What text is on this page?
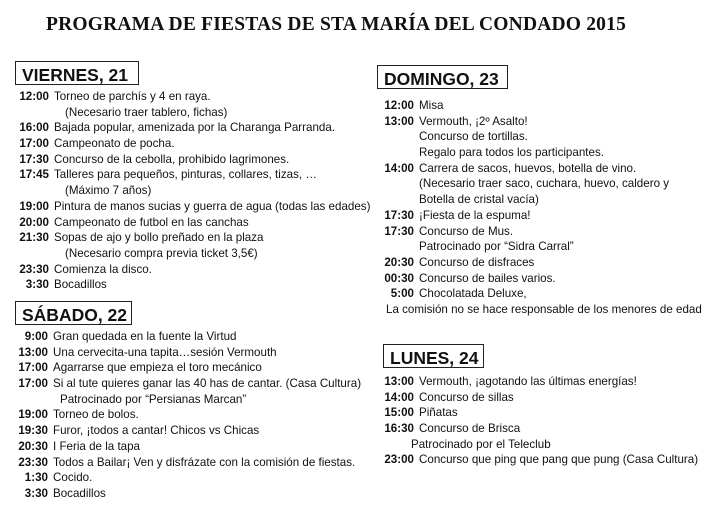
PROGRAMA DE FIESTAS DE STA MARÍA DEL CONDADO 2015
VIERNES, 21
12:00 Torneo de parchís y 4 en raya.
(Necesario traer tablero, fichas)
16:00 Bajada popular, amenizada por la Charanga Parranda.
17:00 Campeonato de pocha.
17:30 Concurso de la cebolla, prohibido lagrimones.
17:45 Talleres para pequeños, pinturas, collares, tizas, …
(Máximo 7 años)
19:00 Pintura de manos sucias y guerra de agua (todas las edades)
20:00 Campeonato de futbol en las canchas
21:30 Sopas de ajo y bollo preñado en la plaza
(Necesario compra previa ticket 3,5€)
23:30 Comienza la disco.
3:30 Bocadillos
SÁBADO, 22
9:00 Gran quedada en la fuente la Virtud
13:00 Una cervecita-una tapita…sesión Vermouth
17:00 Agarrarse que empieza el toro mecánico
17:00 Si al tute quieres ganar las 40 has de cantar. (Casa Cultura)
Patrocinado por “Persianas Marcan”
19:00 Torneo de bolos.
19:30 Furor, ¡todos a cantar! Chicos vs Chicas
20:30 I Feria de la tapa
23:30 Todos a Bailar¡ Ven y disfrázate con la comisión de fiestas.
1:30 Cocido.
3:30 Bocadillos
DOMINGO, 23
12:00 Misa
13:00 Vermouth, ¡2º Asalto!
Concurso de tortillas.
Regalo para todos los participantes.
14:00 Carrera de sacos, huevos, botella de vino.
(Necesario traer saco, cuchara, huevo, caldero y
Botella de cristal vacía)
17:30 ¡Fiesta de la espuma!
17:30 Concurso de Mus.
Patrocinado por “Sidra Carral”
20:30 Concurso de disfraces
00:30 Concurso de bailes varios.
5:00 Chocolatada Deluxe,
La comisión no se hace responsable de los menores de edad
LUNES, 24
13:00 Vermouth, ¡agotando las últimas energías!
14:00 Concurso de sillas
15:00 Piñatas
16:30 Concurso de Brisca
Patrocinado por el Teleclub
23:00 Concurso que ping que pang que pung (Casa Cultura)
